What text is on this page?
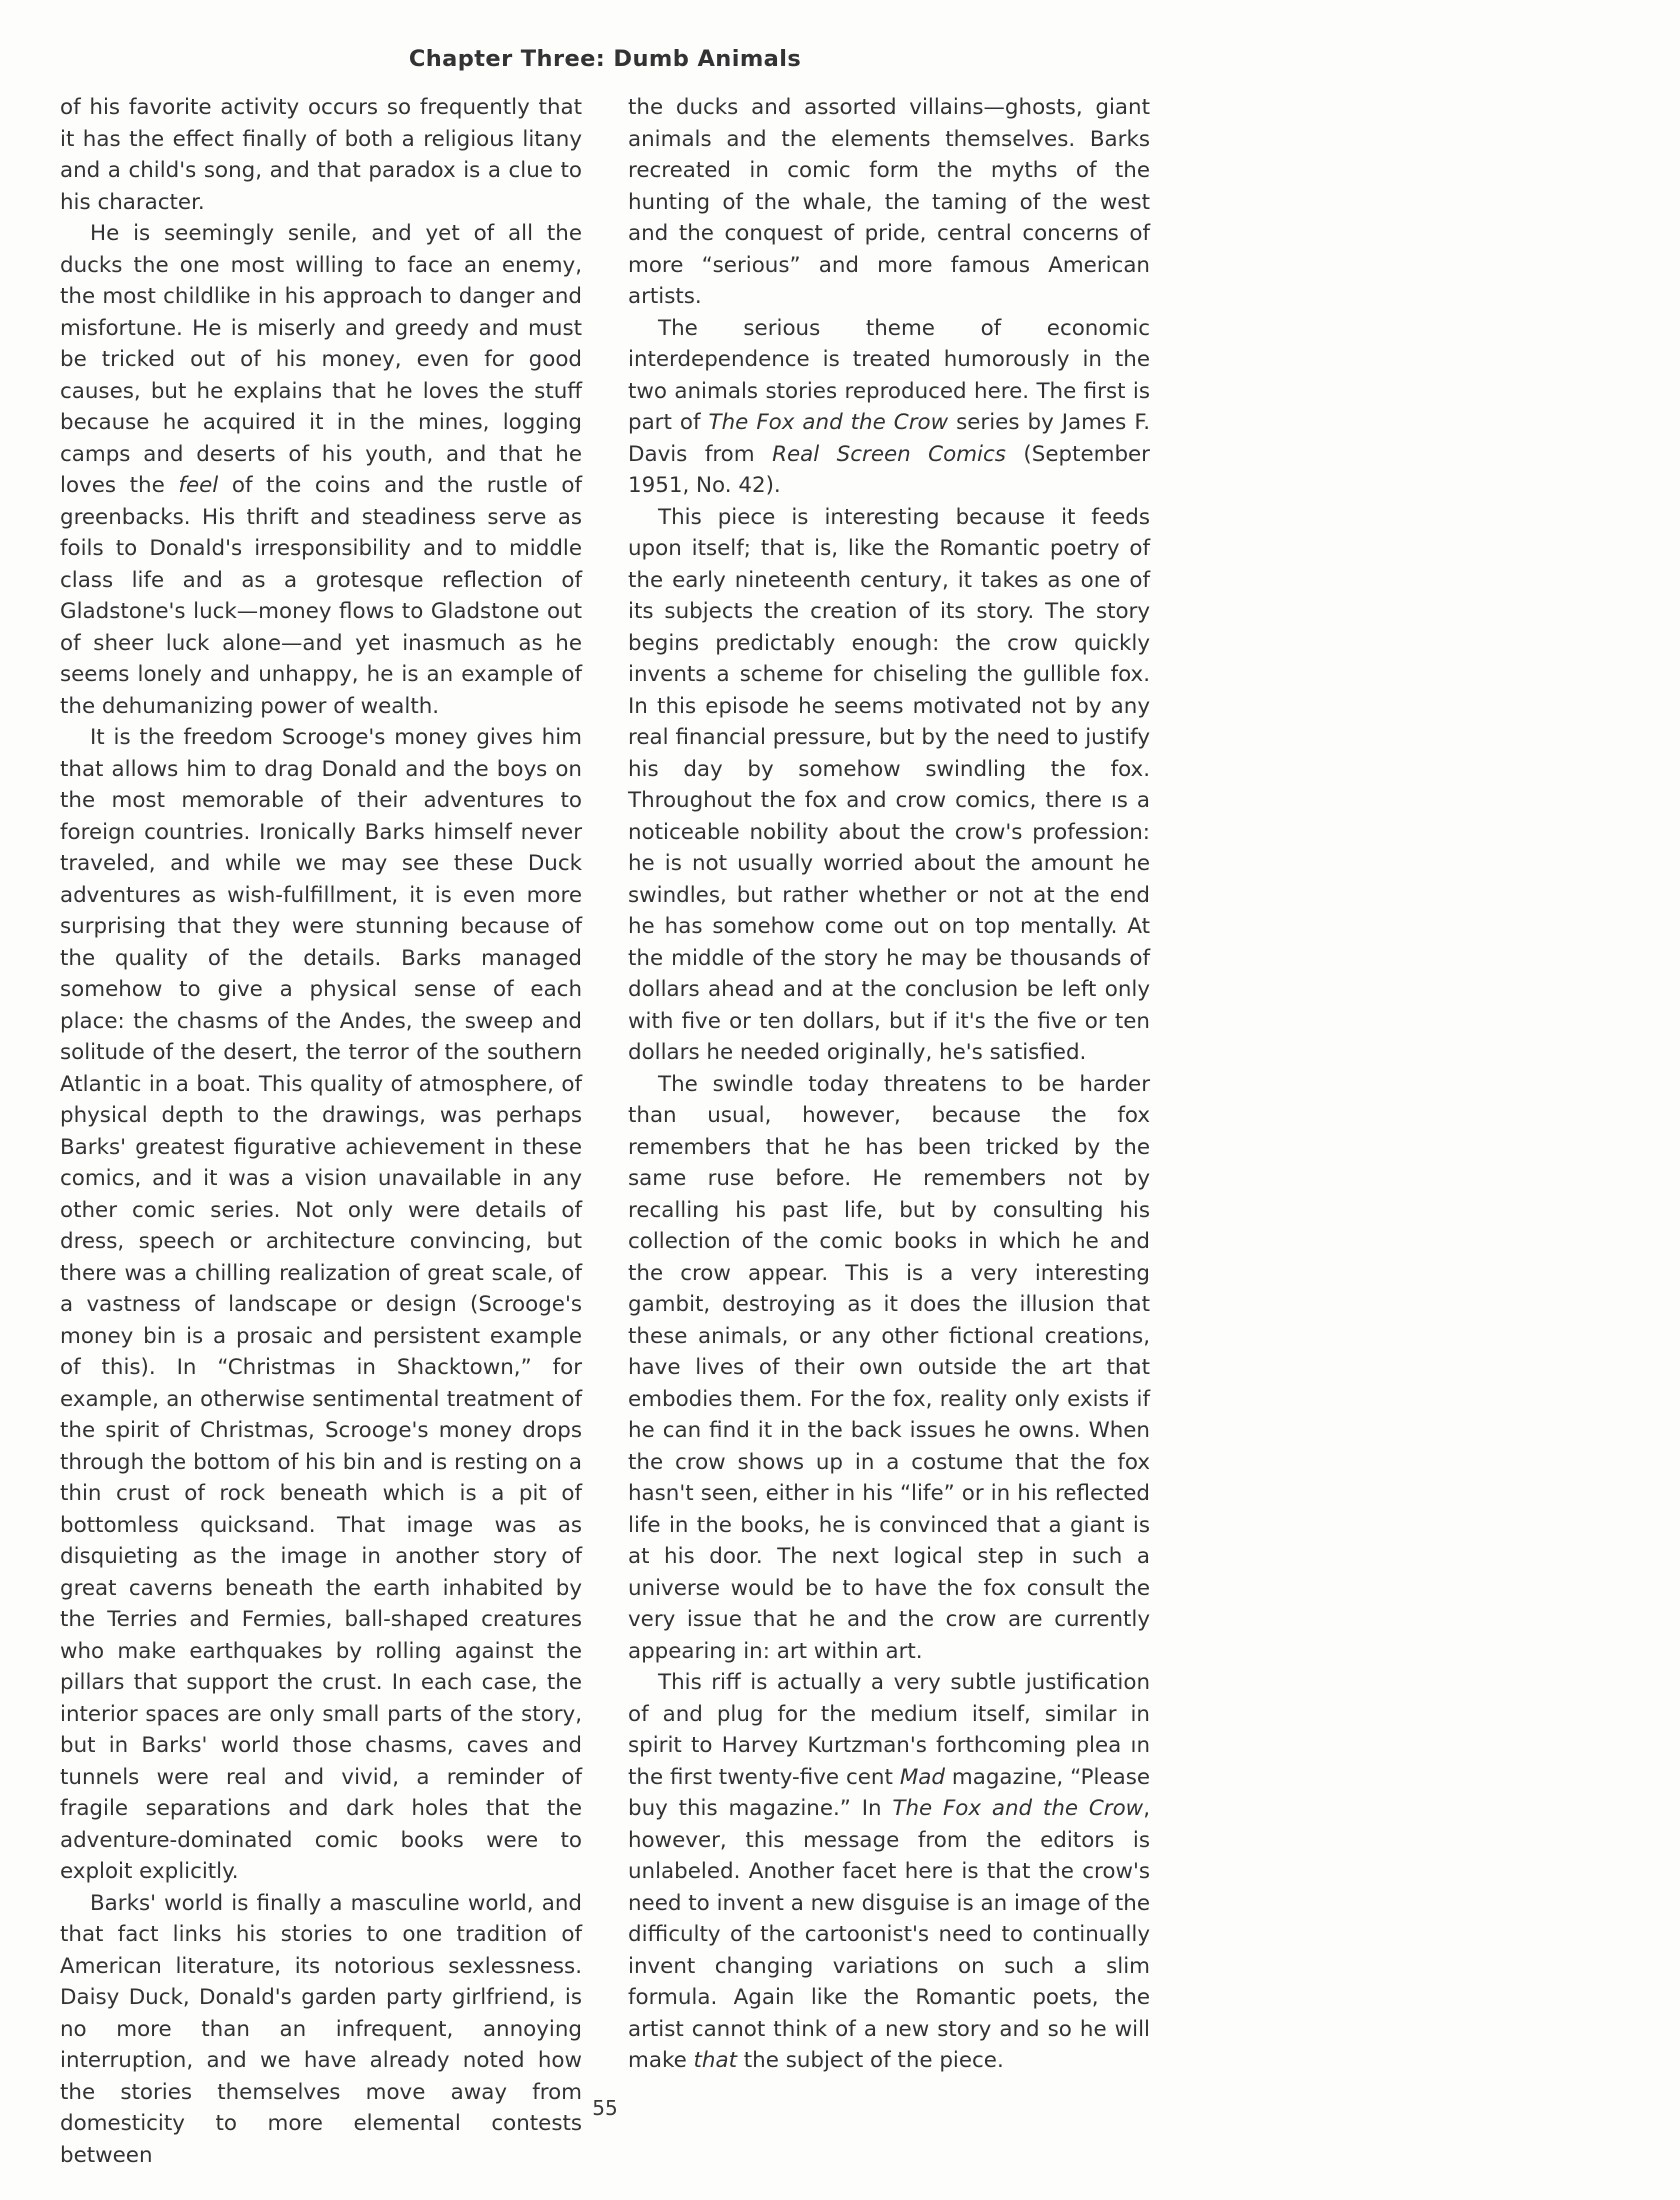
Chapter Three: Dumb Animals

of his favorite activity occurs so frequently that it has the effect finally of both a religious litany and a child's song, and that paradox is a clue to his character.

He is seemingly senile, and yet of all the ducks the one most willing to face an enemy, the most childlike in his approach to danger and misfortune. He is miserly and greedy and must be tricked out of his money, even for good causes, but he explains that he loves the stuff because he acquired it in the mines, logging camps and deserts of his youth, and that he loves the feel of the coins and the rustle of greenbacks. His thrift and steadiness serve as foils to Donald's irresponsibility and to middle class life and as a grotesque reflection of Gladstone's luck—money flows to Gladstone out of sheer luck alone—and yet inasmuch as he seems lonely and unhappy, he is an example of the dehumanizing power of wealth.

It is the freedom Scrooge's money gives him that allows him to drag Donald and the boys on the most memorable of their adventures to foreign countries. Ironically Barks himself never traveled, and while we may see these Duck adventures as wish-fulfillment, it is even more surprising that they were stunning because of the quality of the details. Barks managed somehow to give a physical sense of each place: the chasms of the Andes, the sweep and solitude of the desert, the terror of the southern Atlantic in a boat. This quality of atmosphere, of physical depth to the drawings, was perhaps Barks' greatest figurative achievement in these comics, and it was a vision unavailable in any other comic series. Not only were details of dress, speech or architecture convincing, but there was a chilling realization of great scale, of a vastness of landscape or design (Scrooge's money bin is a prosaic and persistent example of this). In “Christmas in Shacktown,” for example, an otherwise sentimental treatment of the spirit of Christmas, Scrooge's money drops through the bottom of his bin and is resting on a thin crust of rock beneath which is a pit of bottomless quicksand. That image was as disquieting as the image in another story of great caverns beneath the earth inhabited by the Terries and Fermies, ball-shaped creatures who make earthquakes by rolling against the pillars that support the crust. In each case, the interior spaces are only small parts of the story, but in Barks' world those chasms, caves and tunnels were real and vivid, a reminder of fragile separations and dark holes that the adventure-dominated comic books were to exploit explicitly.

Barks' world is finally a masculine world, and that fact links his stories to one tradition of American literature, its notorious sexlessness. Daisy Duck, Donald's garden party girlfriend, is no more than an infrequent, annoying interruption, and we have already noted how the stories themselves move away from domesticity to more elemental contests between

the ducks and assorted villains—ghosts, giant animals and the elements themselves. Barks recreated in comic form the myths of the hunting of the whale, the taming of the west and the conquest of pride, central concerns of more “serious” and more famous American artists.

The serious theme of economic interdependence is treated humorously in the two animals stories reproduced here. The first is part of The Fox and the Crow series by James F. Davis from Real Screen Comics (September 1951, No. 42).

This piece is interesting because it feeds upon itself; that is, like the Romantic poetry of the early nineteenth century, it takes as one of its subjects the creation of its story. The story begins predictably enough: the crow quickly invents a scheme for chiseling the gullible fox. In this episode he seems motivated not by any real financial pressure, but by the need to justify his day by somehow swindling the fox. Throughout the fox and crow comics, there ıs a noticeable nobility about the crow's profession: he is not usually worried about the amount he swindles, but rather whether or not at the end he has somehow come out on top mentally. At the middle of the story he may be thousands of dollars ahead and at the conclusion be left only with five or ten dollars, but if it's the five or ten dollars he needed originally, he's satisfied.

The swindle today threatens to be harder than usual, however, because the fox remembers that he has been tricked by the same ruse before. He remembers not by recalling his past life, but by consulting his collection of the comic books in which he and the crow appear. This is a very interesting gambit, destroying as it does the illusion that these animals, or any other fictional creations, have lives of their own outside the art that embodies them. For the fox, reality only exists if he can find it in the back issues he owns. When the crow shows up in a costume that the fox hasn't seen, either in his “life” or in his reflected life in the books, he is convinced that a giant is at his door. The next logical step in such a universe would be to have the fox consult the very issue that he and the crow are currently appearing in: art within art.

This riff is actually a very subtle justification of and plug for the medium itself, similar in spirit to Harvey Kurtzman's forthcoming plea ın the first twenty-five cent Mad magazine, “Please buy this magazine.” In The Fox and the Crow, however, this message from the editors is unlabeled. Another facet here is that the crow's need to invent a new disguise is an image of the difficulty of the cartoonist's need to continually invent changing variations on such a slim formula. Again like the Romantic poets, the artist cannot think of a new story and so he will make that the subject of the piece.

55
